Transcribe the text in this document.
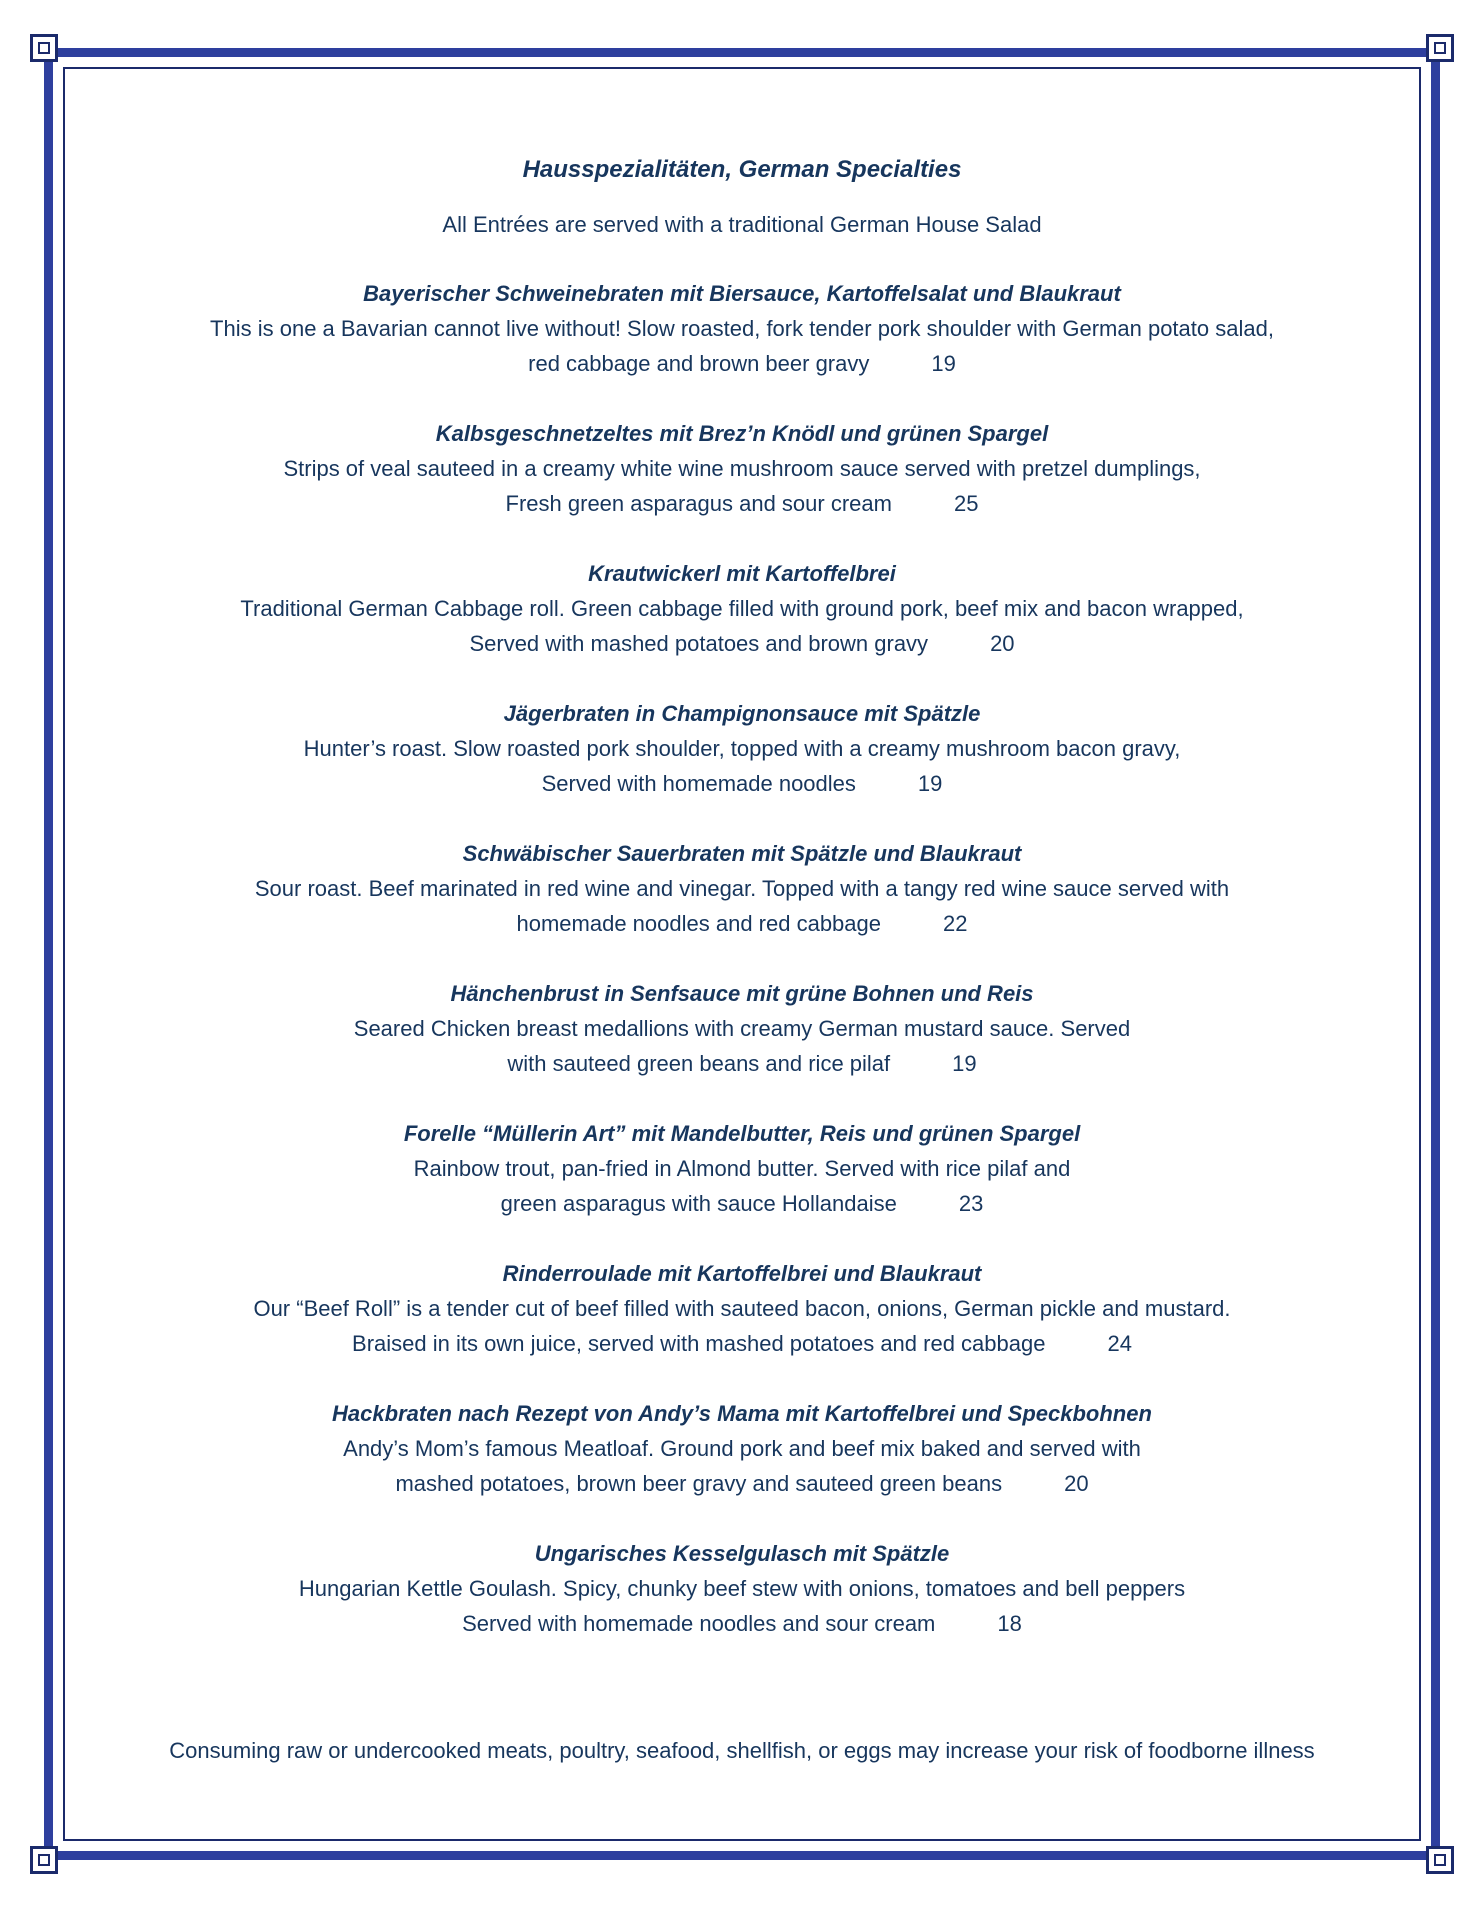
Hausspezialitäten, German Specialties
All Entrées are served with a traditional German House Salad
Bayerischer Schweinebraten mit Biersauce, Kartoffelsalat und Blaukraut
This is one a Bavarian cannot live without! Slow roasted, fork tender pork shoulder with German potato salad,
red cabbage and brown beer gravy	19
Kalbsgeschnetzeltes mit Brez’n Knödl und grünen Spargel
Strips of veal sauteed in a creamy white wine mushroom sauce served with pretzel dumplings,
Fresh green asparagus and sour cream	25
Krautwickerl mit Kartoffelbrei
Traditional German Cabbage roll. Green cabbage filled with ground pork, beef mix and bacon wrapped,
Served with mashed potatoes and brown gravy	20
Jägerbraten in Champignonsauce mit Spätzle
Hunter’s roast. Slow roasted pork shoulder, topped with a creamy mushroom bacon gravy,
Served with homemade noodles	19
Schwäbischer Sauerbraten mit Spätzle und Blaukraut
Sour roast. Beef marinated in red wine and vinegar. Topped with a tangy red wine sauce served with
homemade noodles and red cabbage	22
Hänchenbrust in Senfsauce mit grüne Bohnen und Reis
Seared Chicken breast medallions with creamy German mustard sauce. Served
with sauteed green beans and rice pilaf	19
Forelle “Müllerin Art” mit Mandelbutter, Reis und grünen Spargel
Rainbow trout, pan-fried in Almond butter. Served with rice pilaf and
green asparagus with sauce Hollandaise	23
Rinderroulade mit Kartoffelbrei und Blaukraut
Our “Beef Roll” is a tender cut of beef filled with sauteed bacon, onions, German pickle and mustard.
Braised in its own juice, served with mashed potatoes and red cabbage	24
Hackbraten nach Rezept von Andy’s Mama mit Kartoffelbrei und Speckbohnen
Andy’s Mom’s famous Meatloaf. Ground pork and beef mix baked and served with
mashed potatoes, brown beer gravy and sauteed green beans	20
Ungarisches Kesselgulasch mit Spätzle
Hungarian Kettle Goulash. Spicy, chunky beef stew with onions, tomatoes and bell peppers
Served with homemade noodles and sour cream	18
Consuming raw or undercooked meats, poultry, seafood, shellfish, or eggs may increase your risk of foodborne illness
